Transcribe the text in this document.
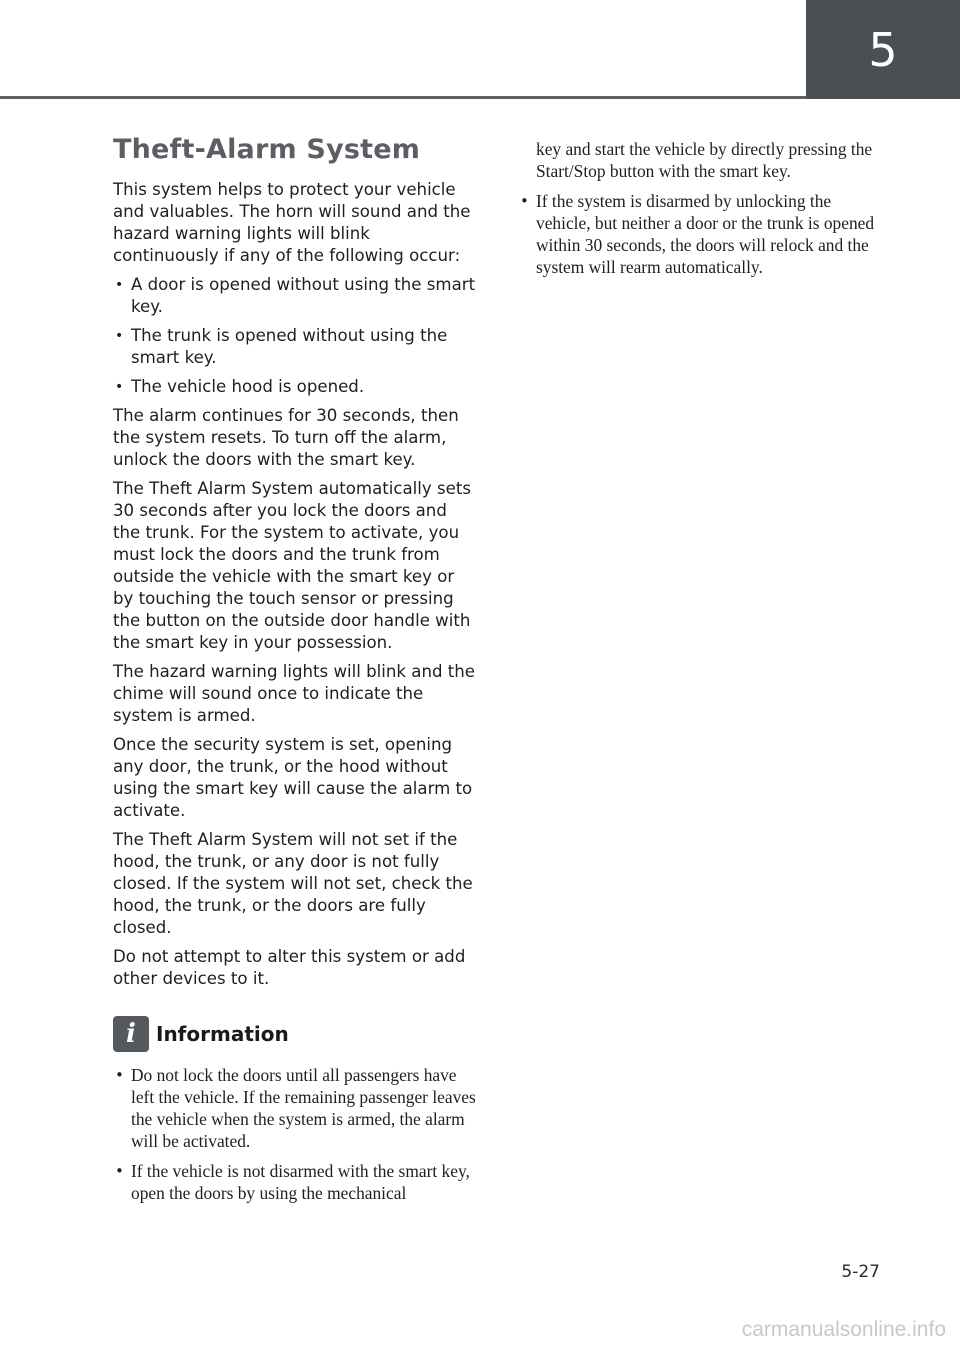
5
Theft-Alarm System

This system helps to protect your vehicle and valuables. The horn will sound and the hazard warning lights will blink continuously if any of the following occur:

• A door is opened without using the smart key.
• The trunk is opened without using the smart key.
• The vehicle hood is opened.

The alarm continues for 30 seconds, then the system resets. To turn off the alarm, unlock the doors with the smart key.

The Theft Alarm System automatically sets 30 seconds after you lock the doors and the trunk. For the system to activate, you must lock the doors and the trunk from outside the vehicle with the smart key or by touching the touch sensor or pressing the button on the outside door handle with the smart key in your possession.

The hazard warning lights will blink and the chime will sound once to indicate the system is armed.

Once the security system is set, opening any door, the trunk, or the hood without using the smart key will cause the alarm to activate.

The Theft Alarm System will not set if the hood, the trunk, or any door is not fully closed. If the system will not set, check the hood, the trunk, or the doors are fully closed.

Do not attempt to alter this system or add other devices to it.

i	Information
• Do not lock the doors until all passengers have left the vehicle. If the remaining passenger leaves the vehicle when the system is armed, the alarm will be activated.
• If the vehicle is not disarmed with the smart key, open the doors by using the mechanical

key and start the vehicle by directly pressing the Start/Stop button with the smart key.

• If the system is disarmed by unlocking the vehicle, but neither a door or the trunk is opened within 30 seconds, the doors will relock and the system will rearm automatically.
5-27
carmanualsonline.info
